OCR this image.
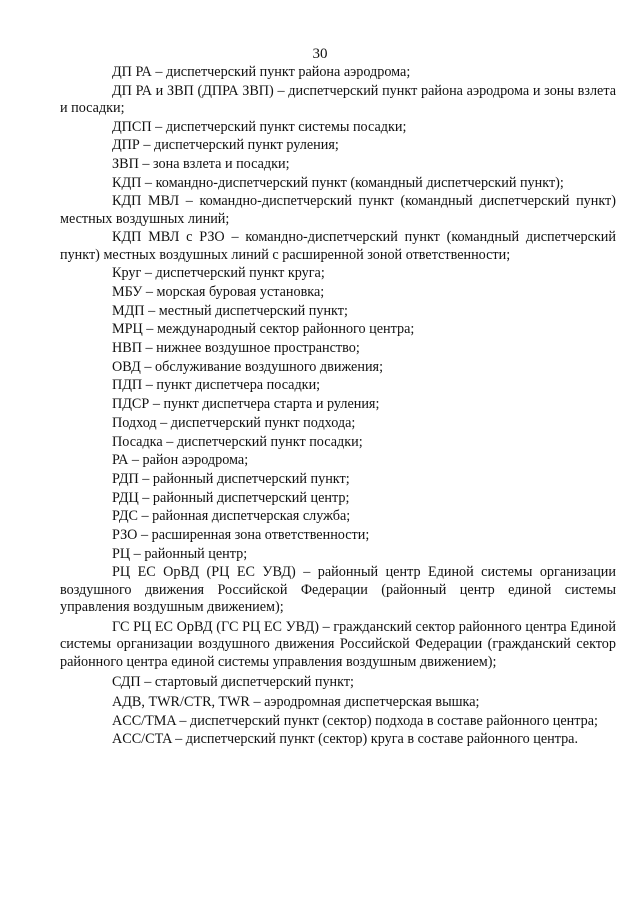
30

ДП РА – диспетчерский пункт района аэродрома;

ДП РА и ЗВП (ДПРА ЗВП) – диспетчерский пункт района аэродрома и зоны взлета и посадки;

ДПСП – диспетчерский пункт системы посадки;

ДПР – диспетчерский пункт руления;

ЗВП – зона взлета и посадки;

КДП – командно-диспетчерский пункт (командный диспетчерский пункт);

КДП МВЛ – командно-диспетчерский пункт (командный диспетчерский пункт) местных воздушных линий;

КДП МВЛ с РЗО – командно-диспетчерский пункт (командный диспетчерский пункт) местных воздушных линий с расширенной зоной ответственности;

Круг – диспетчерский пункт круга;

МБУ – морская буровая установка;

МДП – местный диспетчерский пункт;

МРЦ – международный сектор районного центра;

НВП – нижнее воздушное пространство;

ОВД – обслуживание воздушного движения;

ПДП – пункт диспетчера посадки;

ПДСР – пункт диспетчера старта и руления;

Подход – диспетчерский пункт подхода;

Посадка – диспетчерский пункт посадки;

РА – район аэродрома;

РДП – районный диспетчерский пункт;

РДЦ – районный диспетчерский центр;

РДС – районная диспетчерская служба;

РЗО – расширенная зона ответственности;

РЦ – районный центр;

РЦ ЕС ОрВД (РЦ ЕС УВД) – районный центр Единой системы организации воздушного движения Российской Федерации (районный центр единой системы управления воздушным движением);

ГС РЦ ЕС ОрВД (ГС РЦ ЕС УВД) – гражданский сектор районного центра Единой системы организации воздушного движения Российской Федерации (гражданский сектор районного центра единой системы управления воздушным движением);

СДП – стартовый диспетчерский пункт;

АДВ, TWR/CTR, TWR – аэродромная диспетчерская вышка;

ACC/TMA – диспетчерский пункт (сектор) подхода в составе районного центра;

ACC/CTA – диспетчерский пункт (сектор) круга в составе районного центра.
